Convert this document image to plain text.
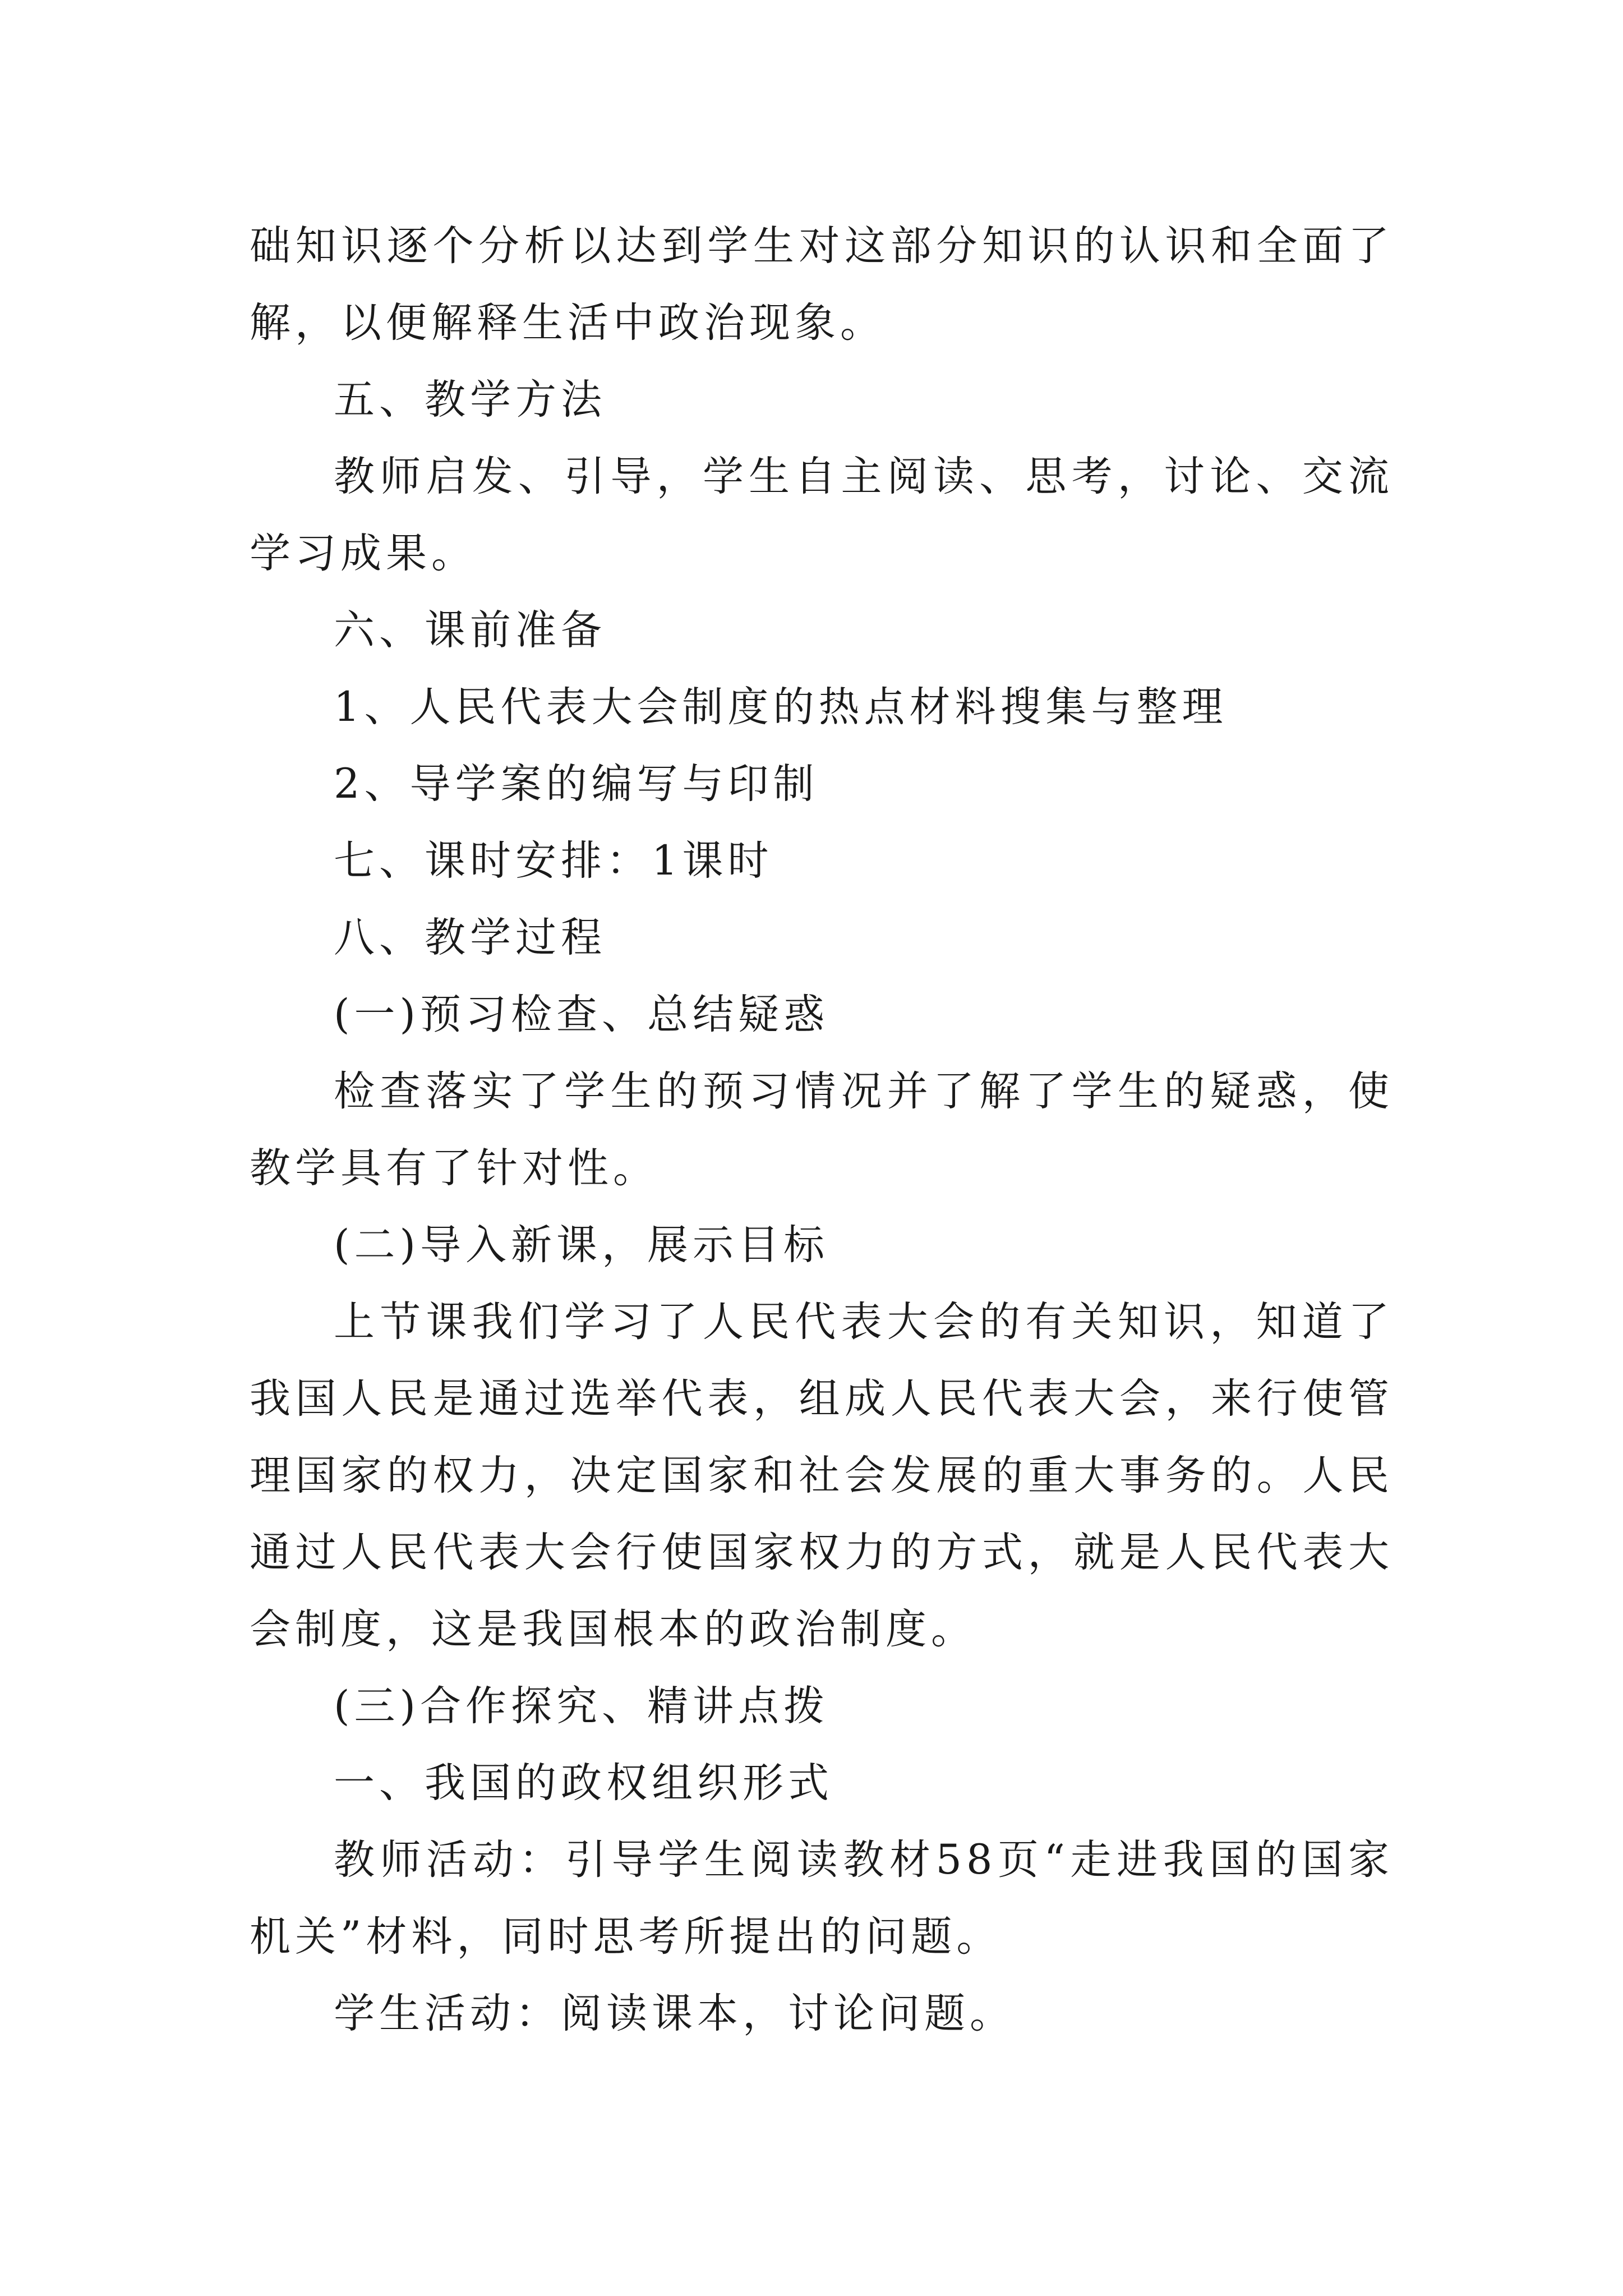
础知识逐个分析以达到学生对这部分知识的认识和全面了解，以便解释生活中政治现象。

五、教学方法

教师启发、引导，学生自主阅读、思考，讨论、交流学习成果。

六、课前准备

1、人民代表大会制度的热点材料搜集与整理

2、导学案的编写与印制

七、课时安排：1课时

八、教学过程

(一)预习检查、总结疑惑

检查落实了学生的预习情况并了解了学生的疑惑，使教学具有了针对性。

(二)导入新课，展示目标

上节课我们学习了人民代表大会的有关知识，知道了我国人民是通过选举代表，组成人民代表大会，来行使管理国家的权力，决定国家和社会发展的重大事务的。人民通过人民代表大会行使国家权力的方式，就是人民代表大会制度，这是我国根本的政治制度。

(三)合作探究、精讲点拨

一、我国的政权组织形式

教师活动：引导学生阅读教材58页“走进我国的国家机关”材料，同时思考所提出的问题。

学生活动：阅读课本，讨论问题。
